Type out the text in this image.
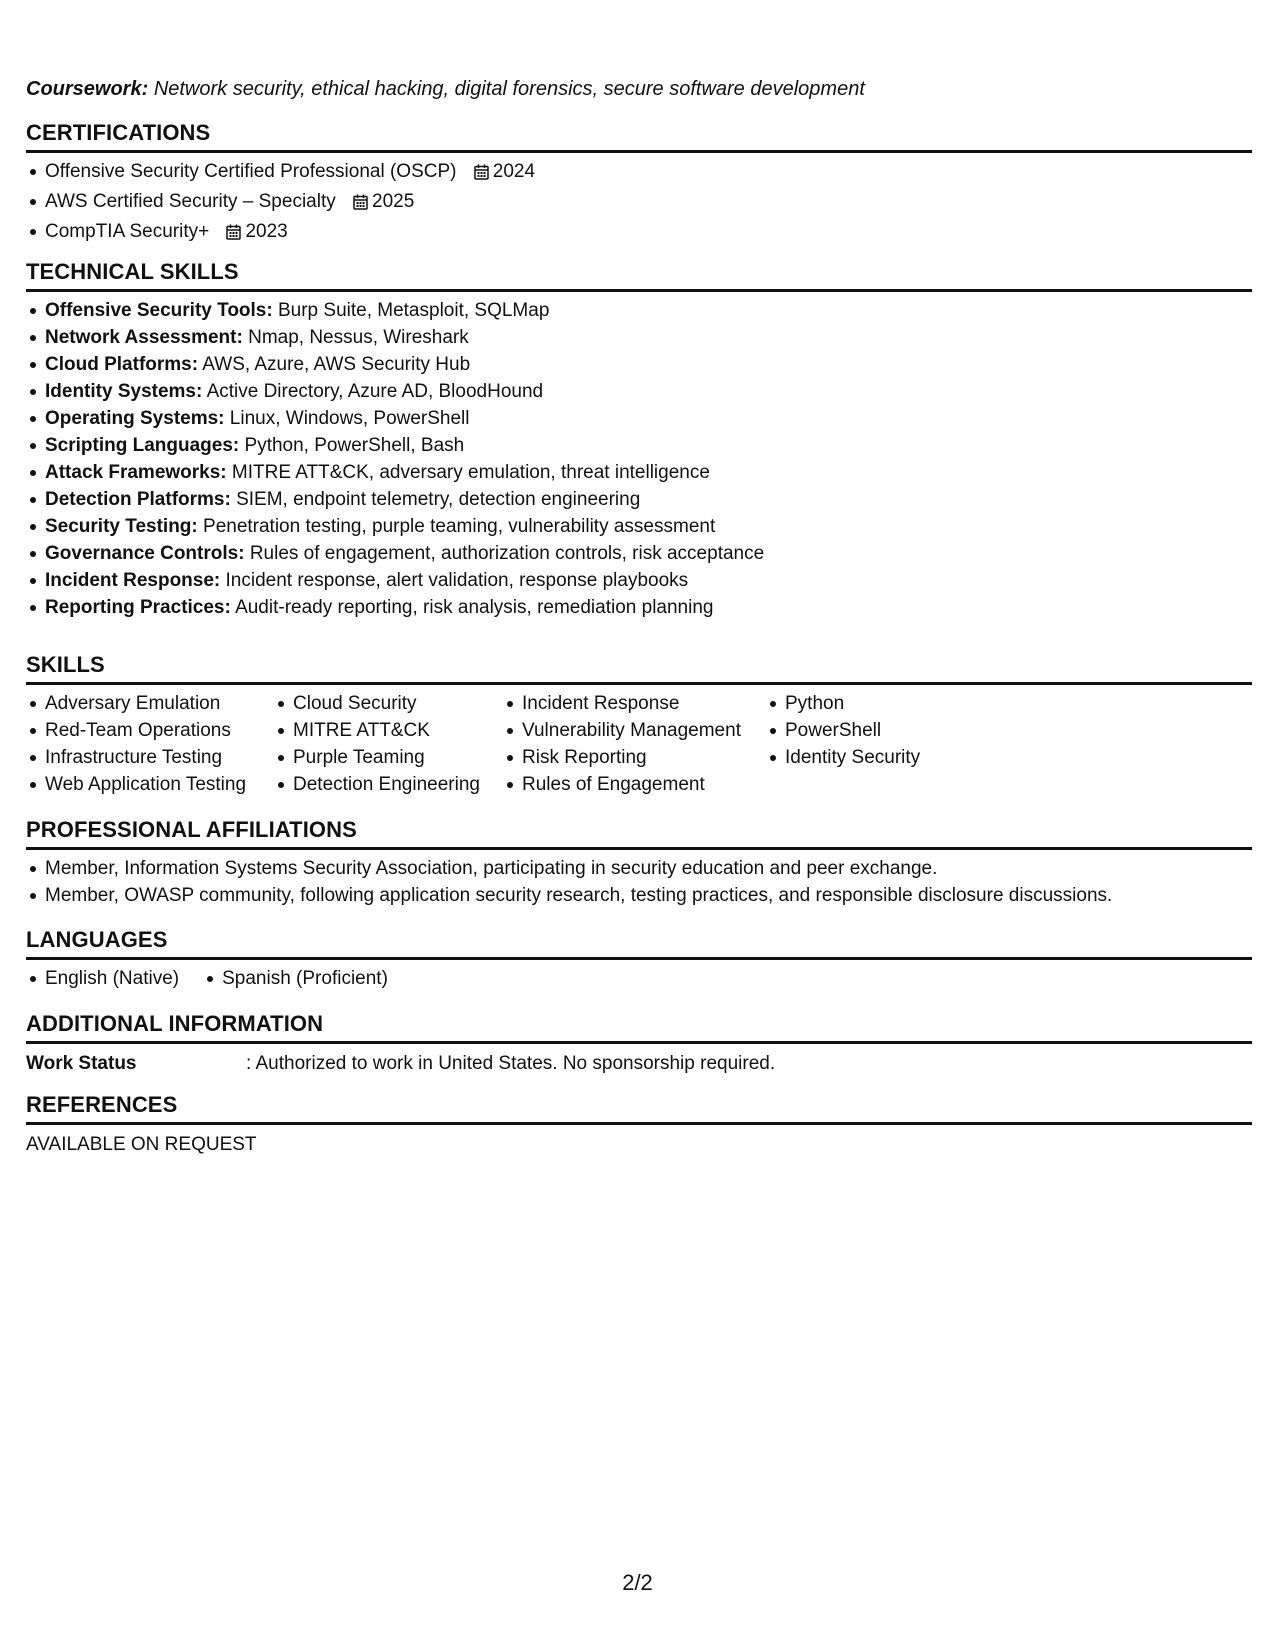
Coursework: Network security, ethical hacking, digital forensics, secure software development
CERTIFICATIONS
Offensive Security Certified Professional (OSCP) 2024
AWS Certified Security – Specialty 2025
CompTIA Security+ 2023
TECHNICAL SKILLS
Offensive Security Tools: Burp Suite, Metasploit, SQLMap
Network Assessment: Nmap, Nessus, Wireshark
Cloud Platforms: AWS, Azure, AWS Security Hub
Identity Systems: Active Directory, Azure AD, BloodHound
Operating Systems: Linux, Windows, PowerShell
Scripting Languages: Python, PowerShell, Bash
Attack Frameworks: MITRE ATT&CK, adversary emulation, threat intelligence
Detection Platforms: SIEM, endpoint telemetry, detection engineering
Security Testing: Penetration testing, purple teaming, vulnerability assessment
Governance Controls: Rules of engagement, authorization controls, risk acceptance
Incident Response: Incident response, alert validation, response playbooks
Reporting Practices: Audit-ready reporting, risk analysis, remediation planning
SKILLS
Adversary Emulation
Red-Team Operations
Infrastructure Testing
Web Application Testing
Cloud Security
MITRE ATT&CK
Purple Teaming
Detection Engineering
Incident Response
Vulnerability Management
Risk Reporting
Rules of Engagement
Python
PowerShell
Identity Security
PROFESSIONAL AFFILIATIONS
Member, Information Systems Security Association, participating in security education and peer exchange.
Member, OWASP community, following application security research, testing practices, and responsible disclosure discussions.
LANGUAGES
English (Native)	Spanish (Proficient)
ADDITIONAL INFORMATION
Work Status	: Authorized to work in United States. No sponsorship required.
REFERENCES
AVAILABLE ON REQUEST
2/2
